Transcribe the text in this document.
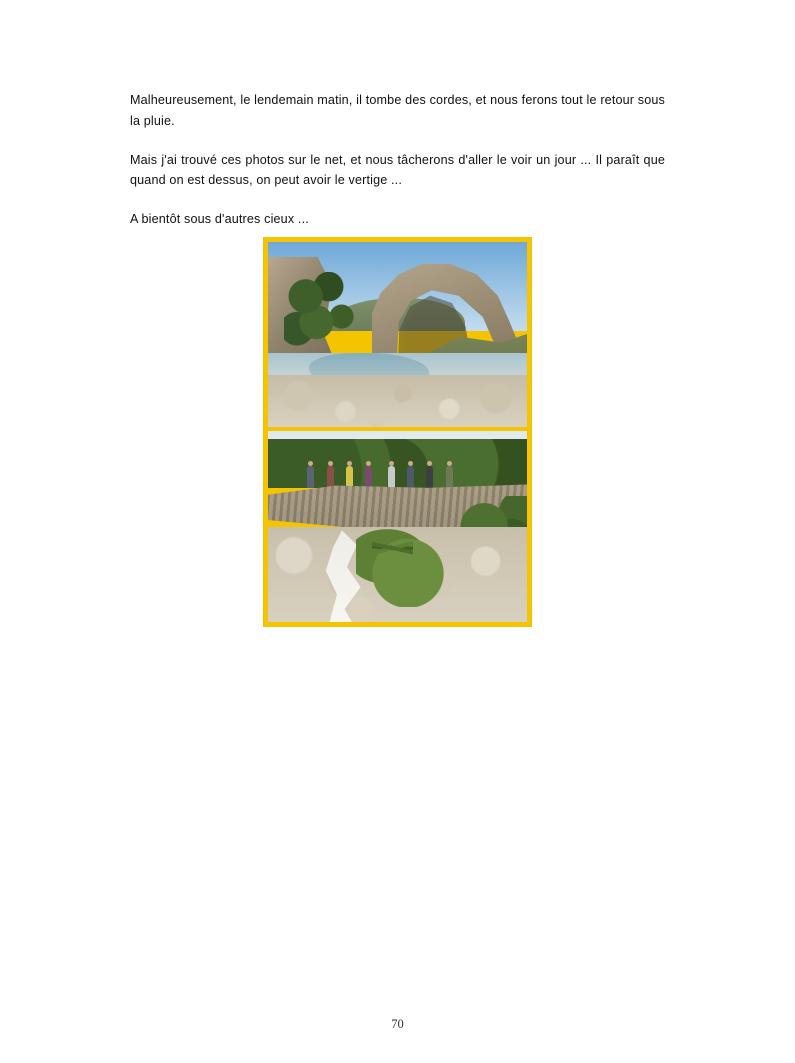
Malheureusement, le lendemain matin, il tombe des cordes, et nous ferons tout le retour sous la pluie.

Mais j'ai trouvé ces photos sur le net, et nous tâcherons d'aller le voir un jour ... Il paraît que quand on est dessus, on peut avoir le vertige ...

A bientôt sous d'autres cieux ...

70
